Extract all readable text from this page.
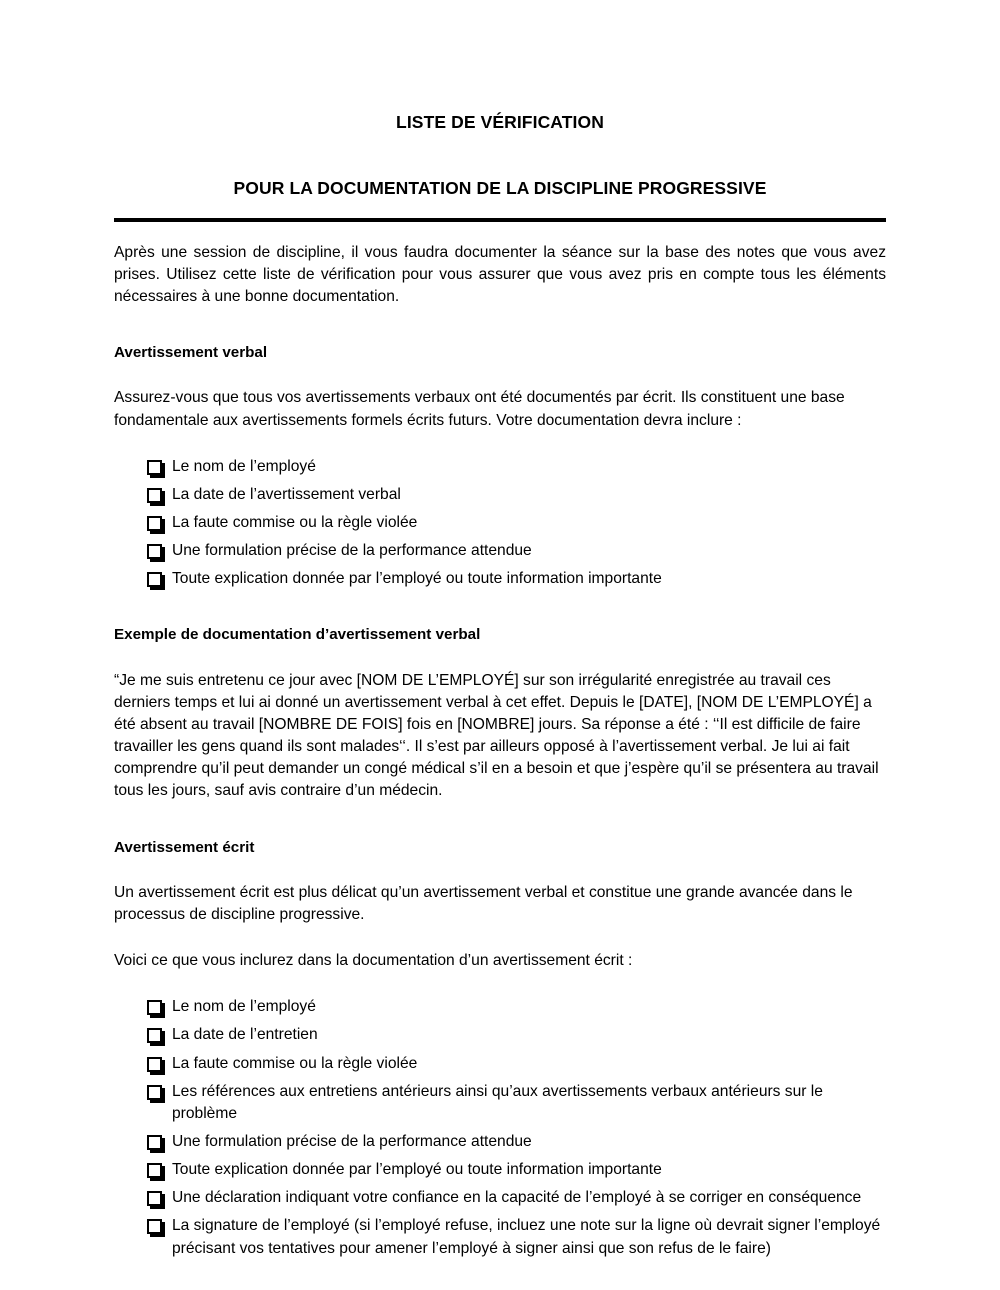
LISTE DE VÉRIFICATION
POUR LA DOCUMENTATION DE LA DISCIPLINE PROGRESSIVE

Après une session de discipline, il vous faudra documenter la séance sur la base des notes que vous avez prises. Utilisez cette liste de vérification pour vous assurer que vous avez pris en compte tous les éléments nécessaires à une bonne documentation.

Avertissement verbal

Assurez-vous que tous vos avertissements verbaux ont été documentés par écrit. Ils constituent une base fondamentale aux avertissements formels écrits futurs. Votre documentation devra inclure :

Le nom de l’employé
La date de l’avertissement verbal
La faute commise ou la règle violée
Une formulation précise de la performance attendue
Toute explication donnée par l’employé ou toute information importante
Exemple de documentation d’avertissement verbal

“Je me suis entretenu ce jour avec [NOM DE L’EMPLOYÉ] sur son irrégularité enregistrée au travail ces derniers temps et lui ai donné un avertissement verbal à cet effet. Depuis le [DATE], [NOM DE L’EMPLOYÉ] a été absent au travail [NOMBRE DE FOIS] fois en [NOMBRE] jours. Sa réponse a été : ‘‘Il est difficile de faire travailler les gens quand ils sont malades‘‘. Il s’est par ailleurs opposé à l’avertissement verbal. Je lui ai fait comprendre qu’il peut demander un congé médical s’il en a besoin et que j’espère qu’il se présentera au travail tous les jours, sauf avis contraire d’un médecin.

Avertissement écrit

Un avertissement écrit est plus délicat qu’un avertissement verbal et constitue une grande avancée dans le processus de discipline progressive.

Voici ce que vous inclurez dans la documentation d’un avertissement écrit :

Le nom de l’employé
La date de l’entretien
La faute commise ou la règle violée
Les références aux entretiens antérieurs ainsi qu’aux avertissements verbaux antérieurs sur le problème
Une formulation précise de la performance attendue
Toute explication donnée par l’employé ou toute information importante
Une déclaration indiquant votre confiance en la capacité de l’employé à se corriger en conséquence
La signature de l’employé (si l’employé refuse, incluez une note sur la ligne où devrait signer l’employé précisant vos tentatives pour amener l’employé à signer ainsi que son refus de le faire)
